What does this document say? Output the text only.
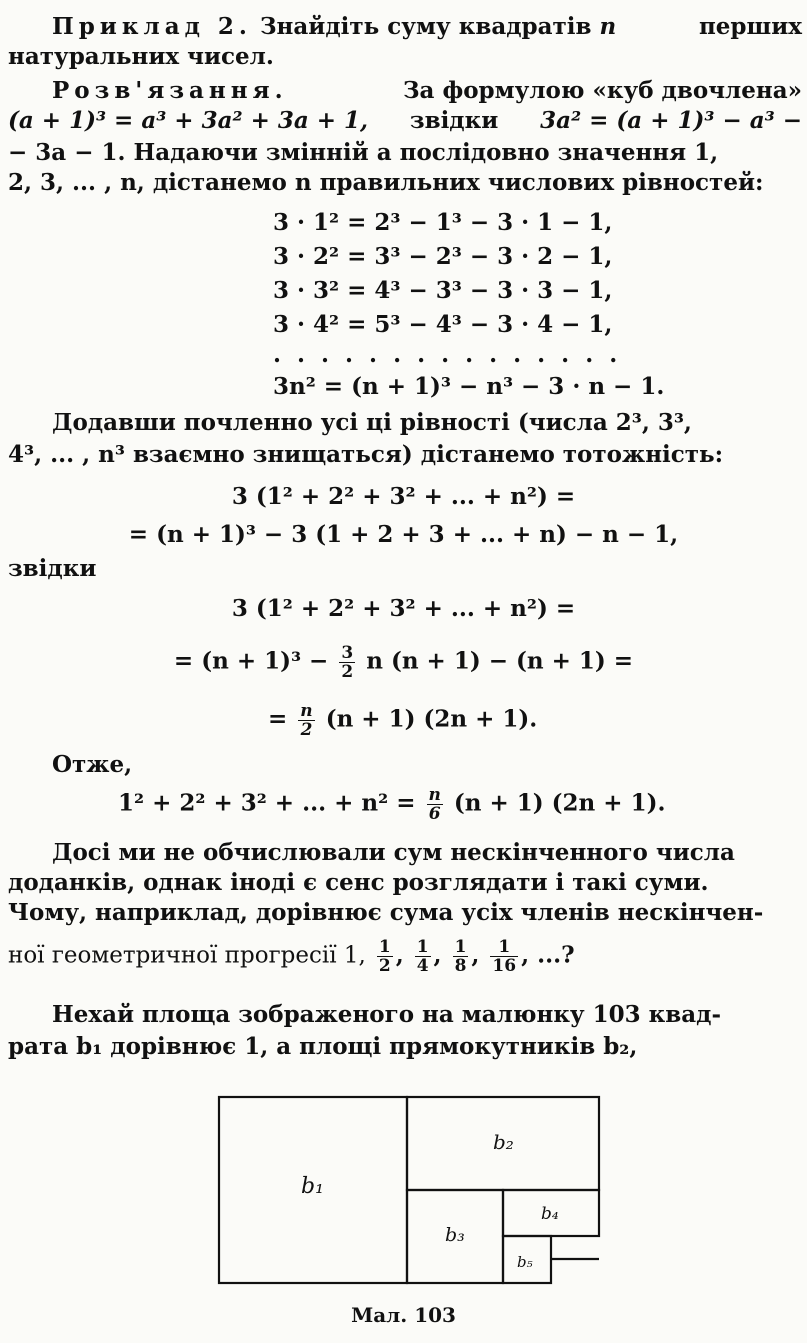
Приклад 2. Знайдіть суму квадратів n	перших
натуральних чисел.
Розв'язання.	За формулою «куб двочлена»
(a + 1)³ = a³ + 3a² + 3a + 1, звідки 3a² = (a + 1)³ − a³ −
− 3a − 1. Надаючи змінній a послідовно значення 1,
2, 3, ... , n, дістанемо n правильних числових рівностей:
3 · 1² = 2³ − 1³ − 3 · 1 − 1,
3 · 2² = 3³ − 2³ − 3 · 2 − 1,
3 · 3² = 4³ − 3³ − 3 · 3 − 1,
3 · 4² = 5³ − 4³ − 3 · 4 − 1,
. . . . . . . . . . . . . . .
3n² = (n + 1)³ − n³ − 3 · n − 1.
Додавши почленно усі ці рівності (числа 2³, 3³,
4³, ... , n³ взаємно знищаться) дістанемо тотожність:
3 (1² + 2² + 3² + ... + n²) =
= (n + 1)³ − 3 (1 + 2 + 3 + ... + n) − n − 1,
звідки
3 (1² + 2² + 3² + ... + n²) =
= $(n + 1)^3 - \frac{3}{2}$ n (n + 1) − (n + 1) =
= $\frac{n}{2} (n + 1) (2n + 1)$.
Отже,
1² + 2² + 3² + ... + $n^2 = \frac{n}{6} (n + 1) (2n + 1)$.
Досі ми не обчислювали сум нескінченного числа
доданків, однак іноді є сенс розглядати і такі суми.
Чому, наприклад, дорівнює сума усіх членів нескінчен-
ної геометричної прогресії 1, $\frac{1}{2}$ , $\frac{1}{4}$ , $\frac{1}{8}$ , $\frac{1}{16}$ , ...?
Нехай площа зображеного на малюнку 103 квад-
рата b₁ дорівнює 1, а площі прямокутників b₂,
b₁
b₂
b₃
b₄
b₅
Мал. 103
